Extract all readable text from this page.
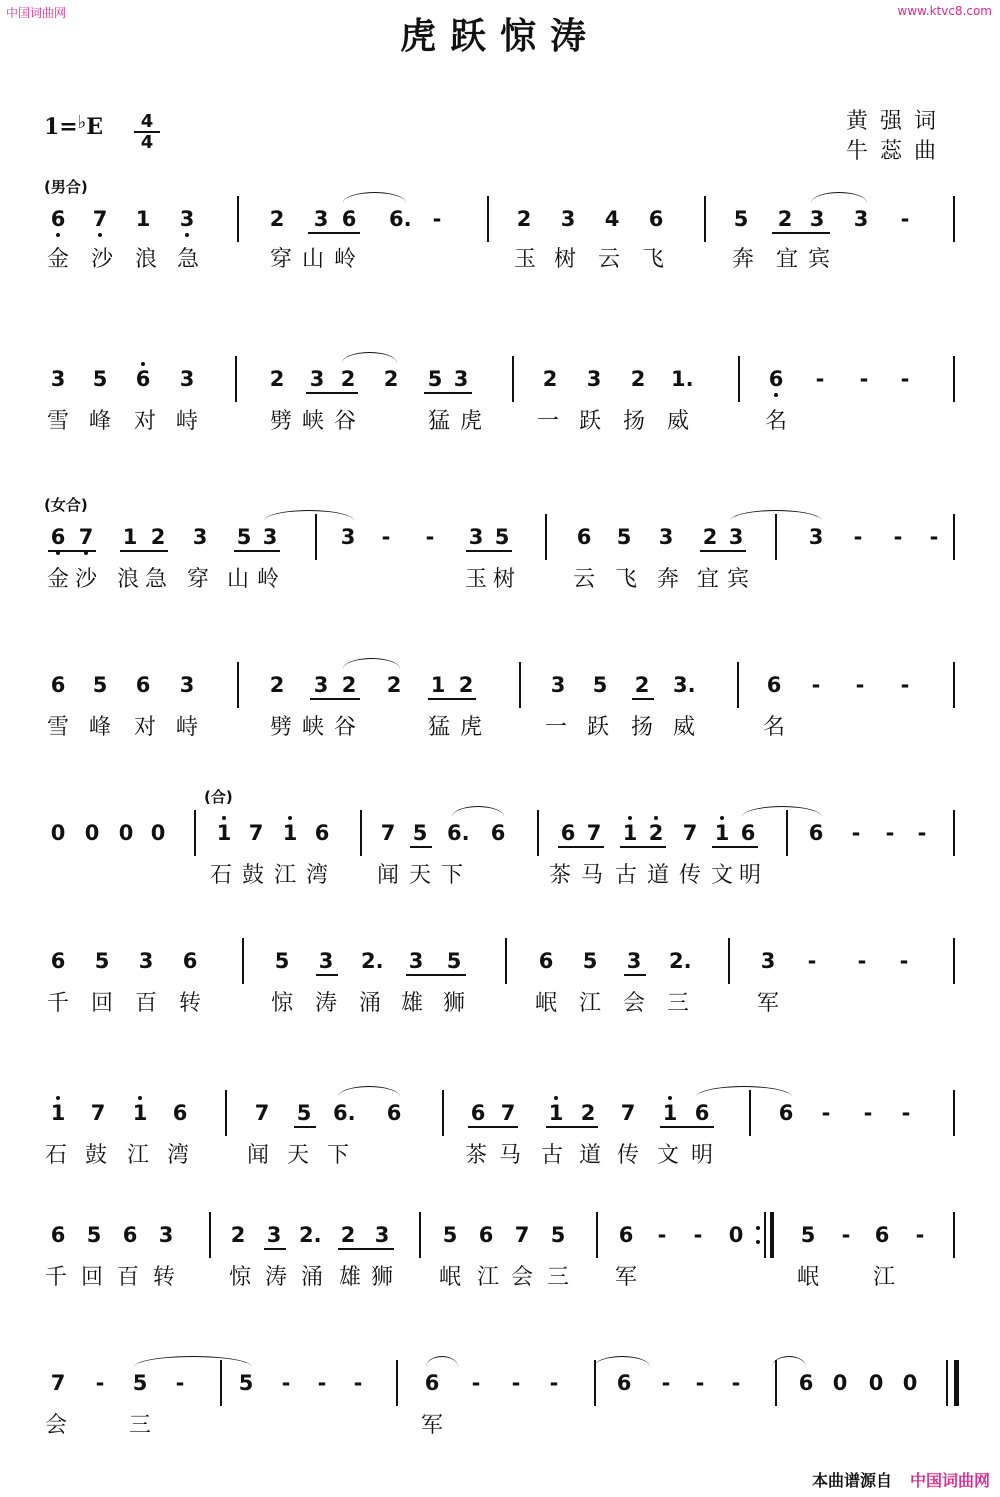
中国词曲网	www.ktvc8.com
虎跃惊涛
1=♭E	4
4
黄强词
牛蕊曲
(男合)
(女合)
(合)
6 7 1 3	2 3 6 6.	-	2 3 4 6	5 2 3 3	-
金 沙 浪 急	穿 山 岭	玉 树 云 飞	奔 宜 宾
3 5 6 3	2 3 2 2 5 3	2 3 2 1.	6	-	-	-
雪 峰 对 峙	劈 峡 谷	猛 虎 一 跃 扬 威	名
6 7 1 2 3 5 3	3	-	-	3 5	6 5 3 2 3	3	-	-	-
金 沙 浪 急 穿 山 岭	玉 树	云 飞 奔 宜 宾
6 5 6 3	2 3 2 2 1 2	3 5 2 3.	6	-	-	-
雪 峰 对 峙	劈 峡 谷	猛 虎	一 跃 扬 威	名
0 0 0 0 1 7 1 6 7 5 6. 6	6 7 1 2 7 1 6	6	-	-	-
石 鼓 江 湾 闻 天 下	茶 马 古 道 传 文 明
6 5 3 6	5 3 2. 3 5	6 5 3 2.	3	-	-	-
千 回 百 转	惊 涛 涌 雄 狮	岷 江 会 三	军
1 7 1 6	7 5 6. 6	6 7 1 2 7 1 6	6	-	-	-
石 鼓 江 湾	闻 天 下	茶 马 古 道 传 文 明
6 5 6 3	2 3 2. 2 3	5 6 7 5	6	-	-	0	5	-	6	-
千 回 百 转 惊 涛 涌 雄 狮 岷 江 会 三 军	岷 江
7	-	5	-	5	-	-	-	6	-	-	-	6	-	-	-	6 0 0 0
会	三	军
本曲谱源自 中国词曲网
